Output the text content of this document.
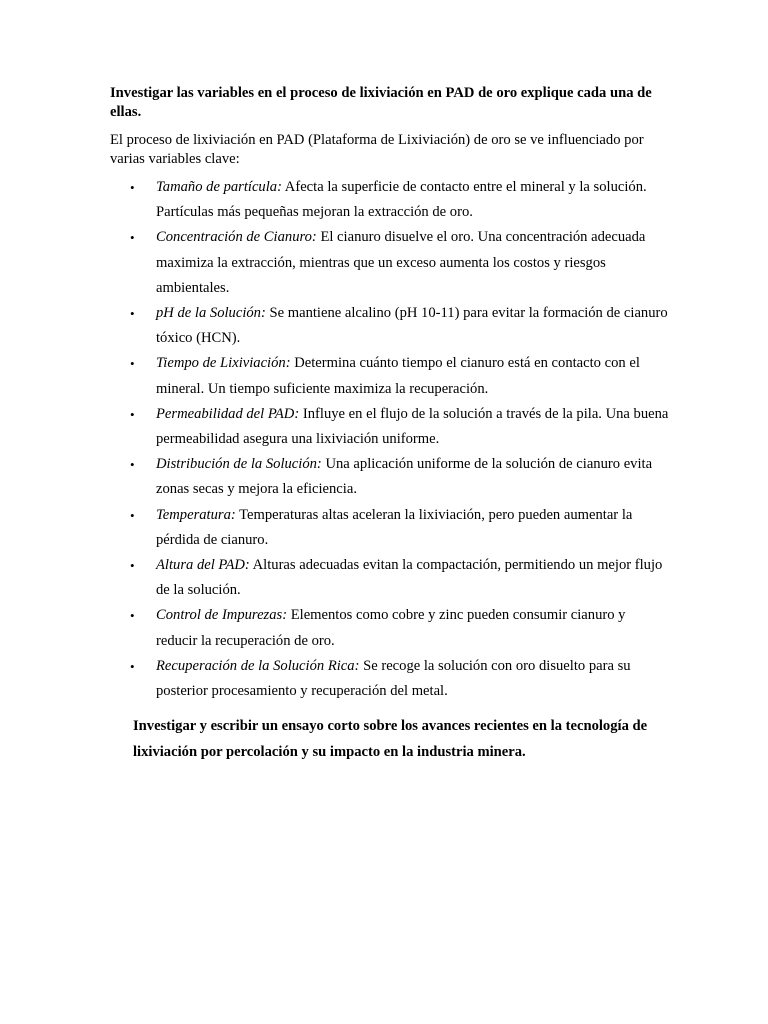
Investigar las variables en el proceso de lixiviación en PAD de oro explique cada una de ellas.

El proceso de lixiviación en PAD (Plataforma de Lixiviación) de oro se ve influenciado por varias variables clave:

• Tamaño de partícula: Afecta la superficie de contacto entre el mineral y la solución. Partículas más pequeñas mejoran la extracción de oro.
• Concentración de Cianuro: El cianuro disuelve el oro. Una concentración adecuada maximiza la extracción, mientras que un exceso aumenta los costos y riesgos ambientales.
• pH de la Solución: Se mantiene alcalino (pH 10-11) para evitar la formación de cianuro tóxico (HCN).
• Tiempo de Lixiviación: Determina cuánto tiempo el cianuro está en contacto con el mineral. Un tiempo suficiente maximiza la recuperación.
• Permeabilidad del PAD: Influye en el flujo de la solución a través de la pila. Una buena permeabilidad asegura una lixiviación uniforme.
• Distribución de la Solución: Una aplicación uniforme de la solución de cianuro evita zonas secas y mejora la eficiencia.
• Temperatura: Temperaturas altas aceleran la lixiviación, pero pueden aumentar la pérdida de cianuro.
• Altura del PAD: Alturas adecuadas evitan la compactación, permitiendo un mejor flujo de la solución.
• Control de Impurezas: Elementos como cobre y zinc pueden consumir cianuro y reducir la recuperación de oro.
• Recuperación de la Solución Rica: Se recoge la solución con oro disuelto para su posterior procesamiento y recuperación del metal.

Investigar y escribir un ensayo corto sobre los avances recientes en la tecnología de lixiviación por percolación y su impacto en la industria minera.
